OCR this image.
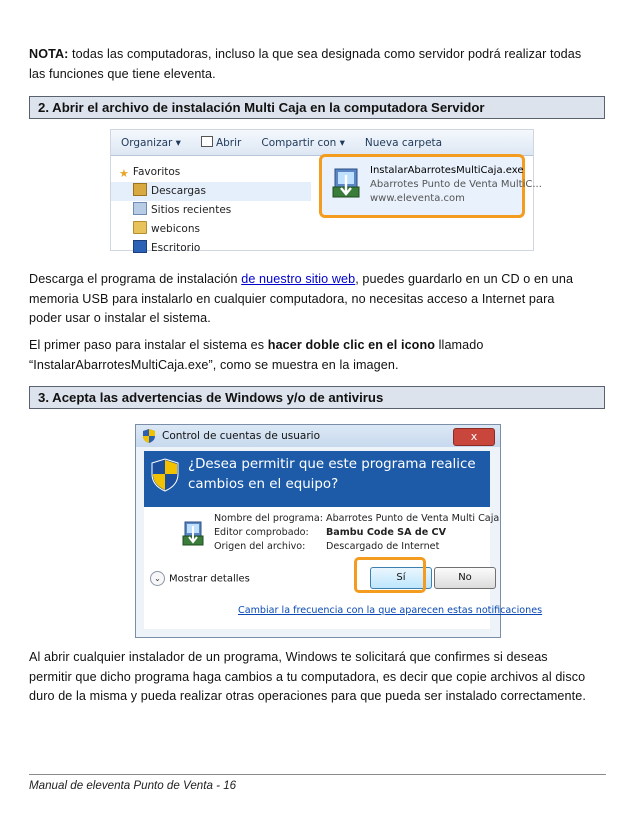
NOTA: todas las computadoras, incluso la que sea designada como servidor podrá realizar todas
las funciones que tiene eleventa.
2. Abrir el archivo de instalación Multi Caja en la computadora Servidor
Organizar ▾	Abrir Compartir con ▾ Nueva carpeta
★ Favoritos
Descargas
Sitios recientes
webicons
Escritorio
InstalarAbarrotesMultiCaja.exe
Abarrotes Punto de Venta MultiC...
www.eleventa.com
Descarga el programa de instalación de nuestro sitio web, puedes guardarlo en un CD o en una
memoria USB para instalarlo en cualquier computadora, no necesitas acceso a Internet para
poder usar o instalar el sistema.
El primer paso para instalar el sistema es hacer doble clic en el icono llamado
“InstalarAbarrotesMultiCaja.exe”, como se muestra en la imagen.
3. Acepta las advertencias de Windows y/o de antivirus
Control de cuentas de usuario	x
¿Desea permitir que este programa realice cambios en el equipo?
Nombre del programa: Abarrotes Punto de Venta Multi Caja
Editor comprobado: Bambu Code SA de CV
Origen del archivo: Descargado de Internet
⌄ Mostrar detalles	Sí	No
Cambiar la frecuencia con la que aparecen estas notificaciones
Al abrir cualquier instalador de un programa, Windows te solicitará que confirmes si deseas
permitir que dicho programa haga cambios a tu computadora, es decir que copie archivos al disco
duro de la misma y pueda realizar otras operaciones para que pueda ser instalado correctamente.
Manual de eleventa Punto de Venta - 16
